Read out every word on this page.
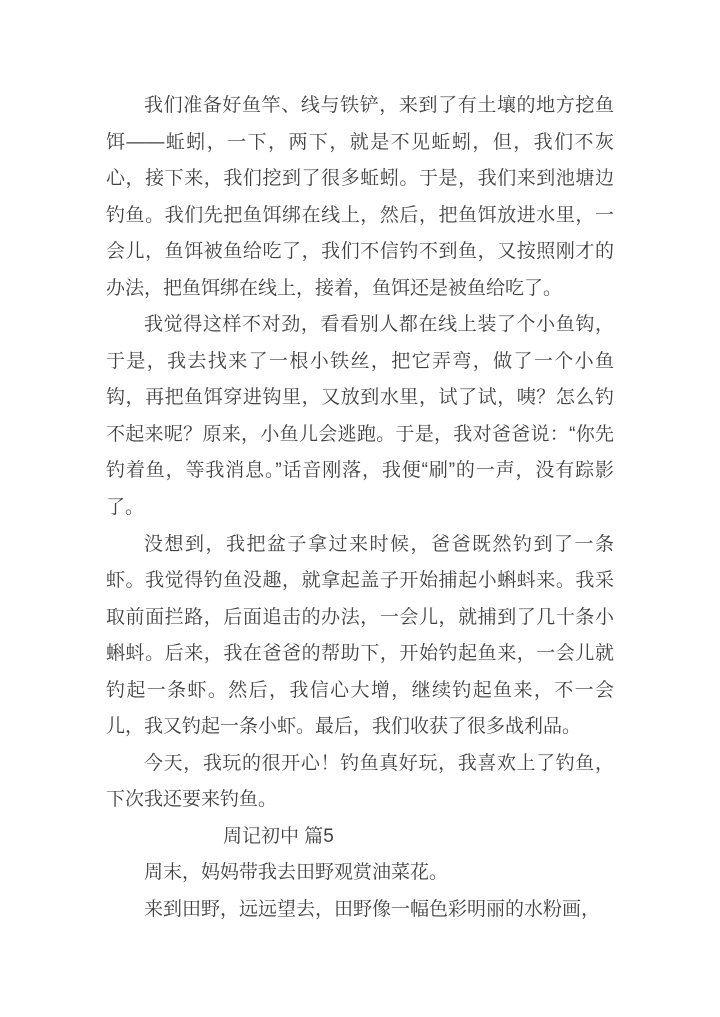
我们准备好鱼竿、线与铁铲，来到了有土壤的地方挖鱼饵——蚯蚓，一下，两下，就是不见蚯蚓，但，我们不灰心，接下来，我们挖到了很多蚯蚓。于是，我们来到池塘边钓鱼。我们先把鱼饵绑在线上，然后，把鱼饵放进水里，一会儿，鱼饵被鱼给吃了，我们不信钓不到鱼，又按照刚才的办法，把鱼饵绑在线上，接着，鱼饵还是被鱼给吃了。

我觉得这样不对劲，看看别人都在线上装了个小鱼钩，于是，我去找来了一根小铁丝，把它弄弯，做了一个小鱼钩，再把鱼饵穿进钩里，又放到水里，试了试，咦？怎么钓不起来呢？原来，小鱼儿会逃跑。于是，我对爸爸说：“你先钓着鱼，等我消息。”话音刚落，我便“刷”的一声，没有踪影了。

没想到，我把盆子拿过来时候，爸爸既然钓到了一条虾。我觉得钓鱼没趣，就拿起盖子开始捕起小蝌蚪来。我采取前面拦路，后面追击的办法，一会儿，就捕到了几十条小蝌蚪。后来，我在爸爸的帮助下，开始钓起鱼来，一会儿就钓起一条虾。然后，我信心大增，继续钓起鱼来，不一会儿，我又钓起一条小虾。最后，我们收获了很多战利品。

今天，我玩的很开心！钓鱼真好玩，我喜欢上了钓鱼，下次我还要来钓鱼。

周记初中 篇5

周末，妈妈带我去田野观赏油菜花。

来到田野，远远望去，田野像一幅色彩明丽的水粉画，
